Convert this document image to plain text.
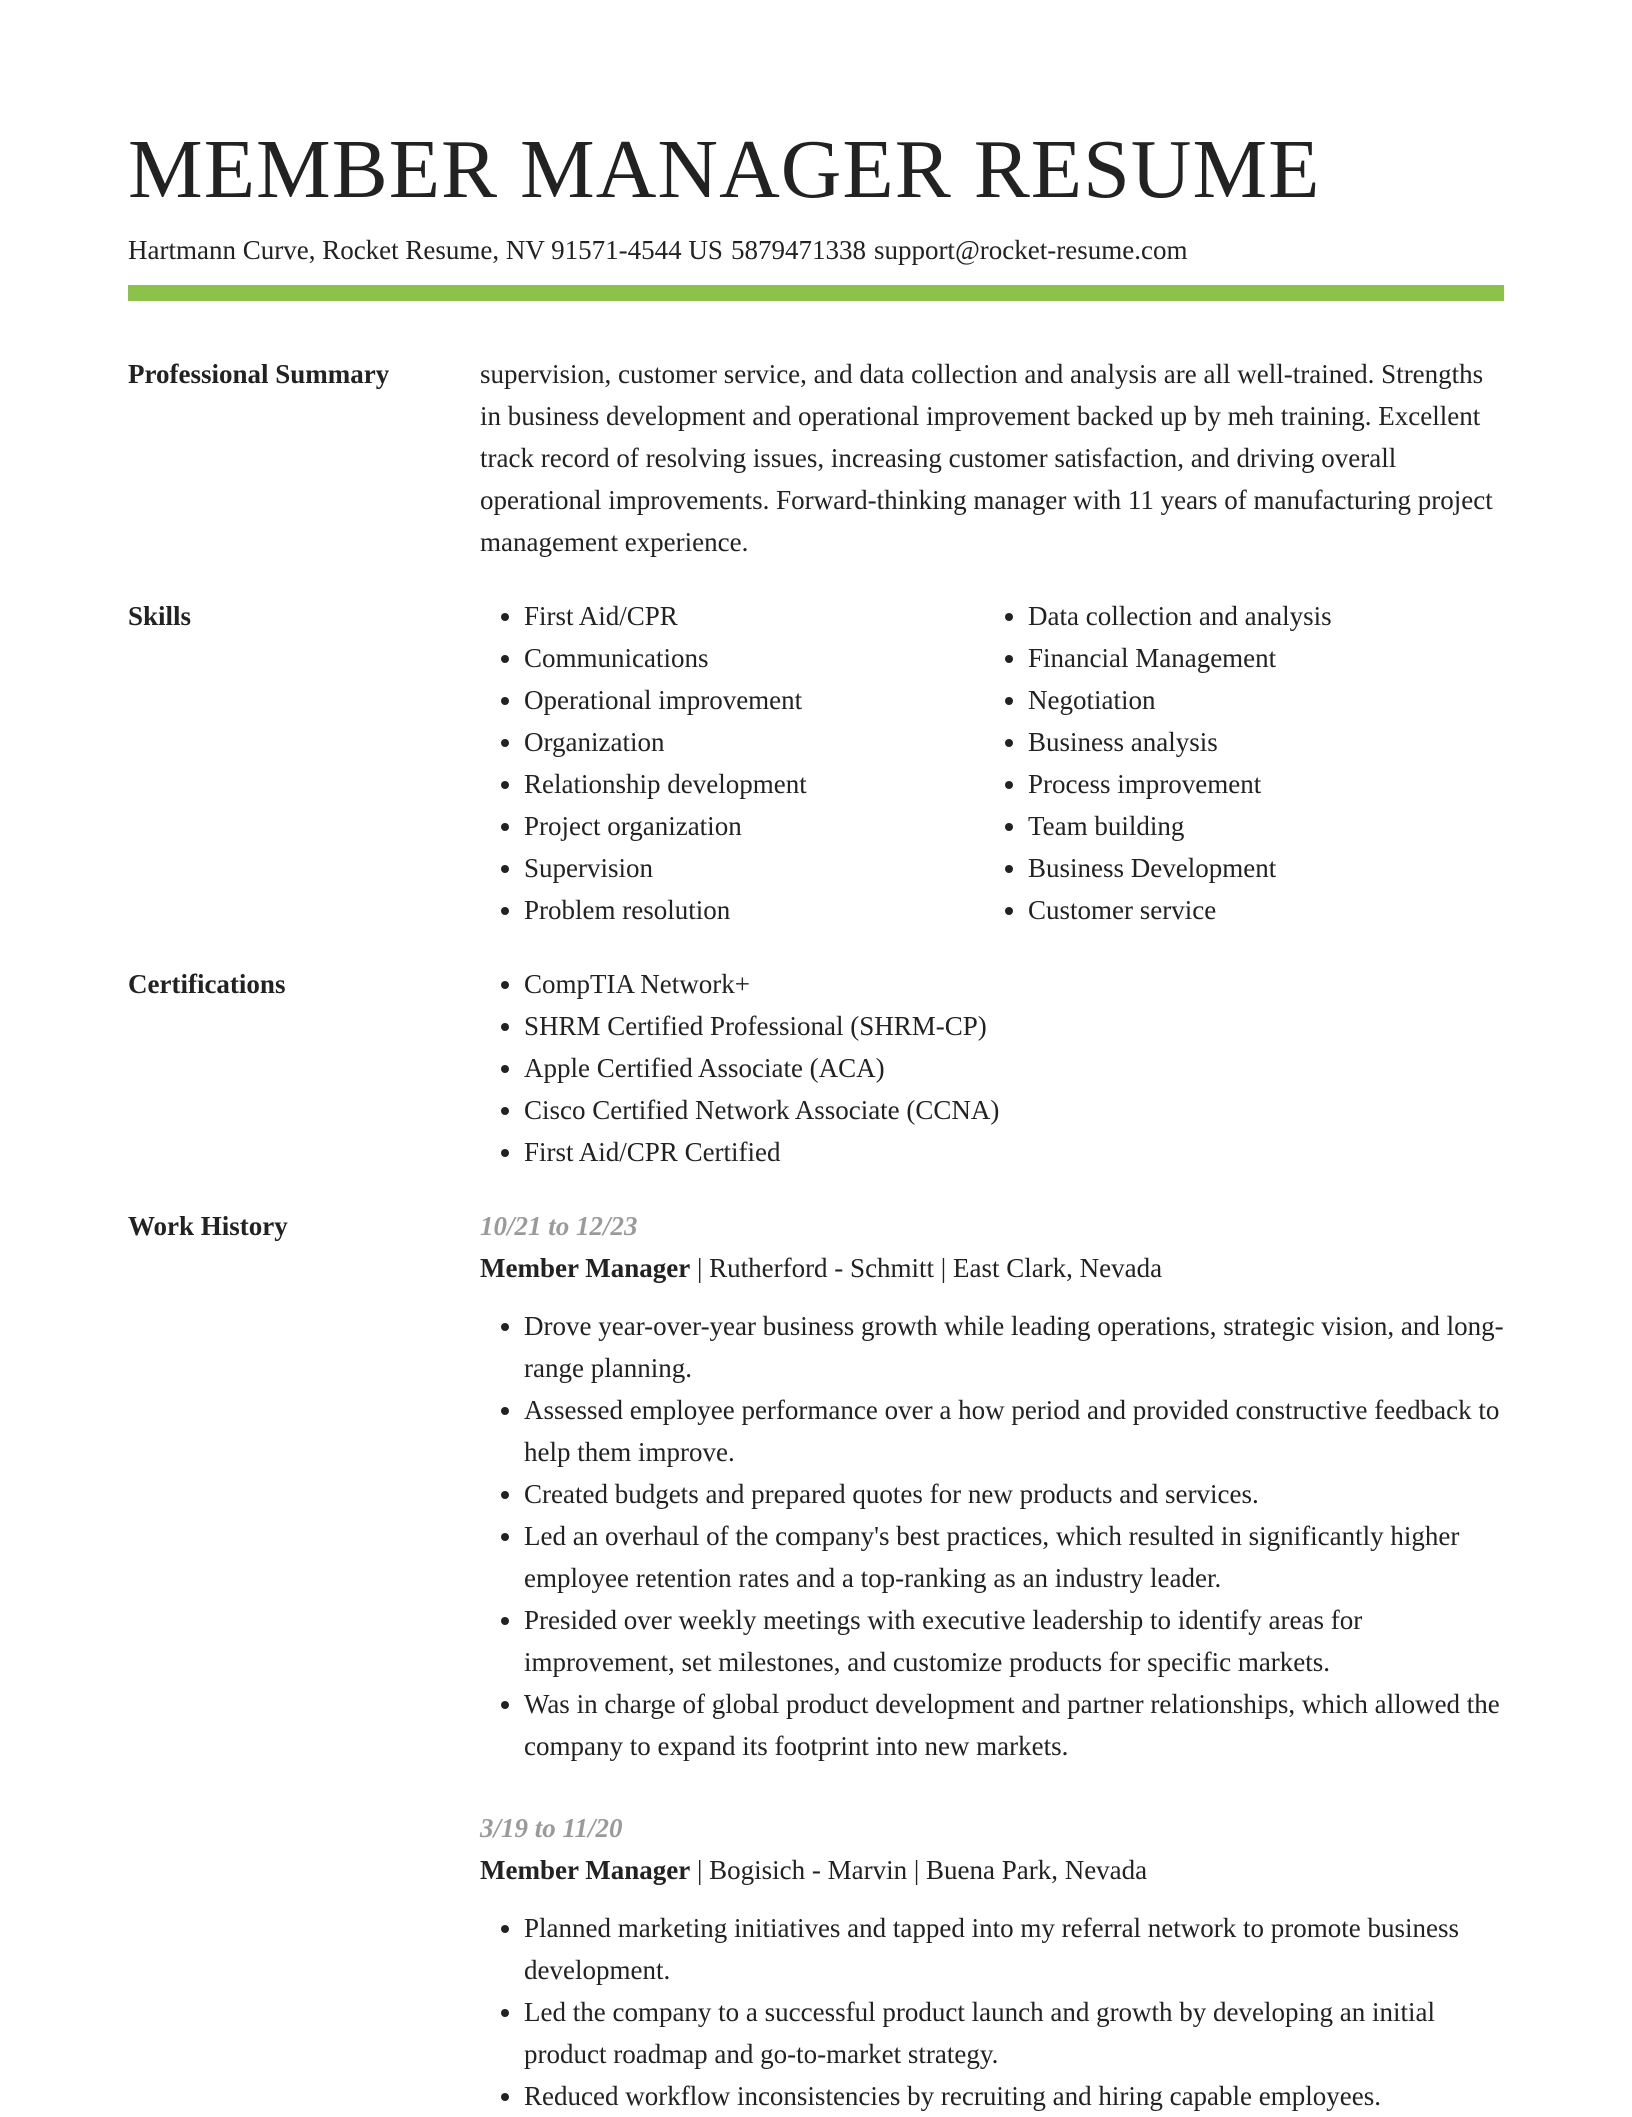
MEMBER MANAGER RESUME
Hartmann Curve, Rocket Resume, NV 91571-4544 US 5879471338 support@rocket-resume.com
Professional Summary	supervision, customer service, and data collection and analysis are all well-trained. Strengths in business development and operational improvement backed up by meh training. Excellent track record of resolving issues, increasing customer satisfaction, and driving overall operational improvements. Forward-thinking manager with 11 years of manufacturing project management experience.

Skills	• First Aid/CPR
• Communications
• Operational improvement
• Organization
• Relationship development
• Project organization
• Supervision
• Problem resolution
• Data collection and analysis
• Financial Management
• Negotiation
• Business analysis
• Process improvement
• Team building
• Business Development
• Customer service
Certifications	• CompTIA Network+
• SHRM Certified Professional (SHRM-CP)
• Apple Certified Associate (ACA)
• Cisco Certified Network Associate (CCNA)
• First Aid/CPR Certified
Work History	10/21 to 12/23
Member Manager | Rutherford - Schmitt | East Clark, Nevada
• Drove year-over-year business growth while leading operations, strategic vision, and long-range planning.
• Assessed employee performance over a how period and provided constructive feedback to help them improve.
• Created budgets and prepared quotes for new products and services.
• Led an overhaul of the company's best practices, which resulted in significantly higher employee retention rates and a top-ranking as an industry leader.
• Presided over weekly meetings with executive leadership to identify areas for improvement, set milestones, and customize products for specific markets.
• Was in charge of global product development and partner relationships, which allowed the company to expand its footprint into new markets.
3/19 to 11/20
Member Manager | Bogisich - Marvin | Buena Park, Nevada
• Planned marketing initiatives and tapped into my referral network to promote business development.
• Led the company to a successful product launch and growth by developing an initial product roadmap and go-to-market strategy.
• Reduced workflow inconsistencies by recruiting and hiring capable employees.
